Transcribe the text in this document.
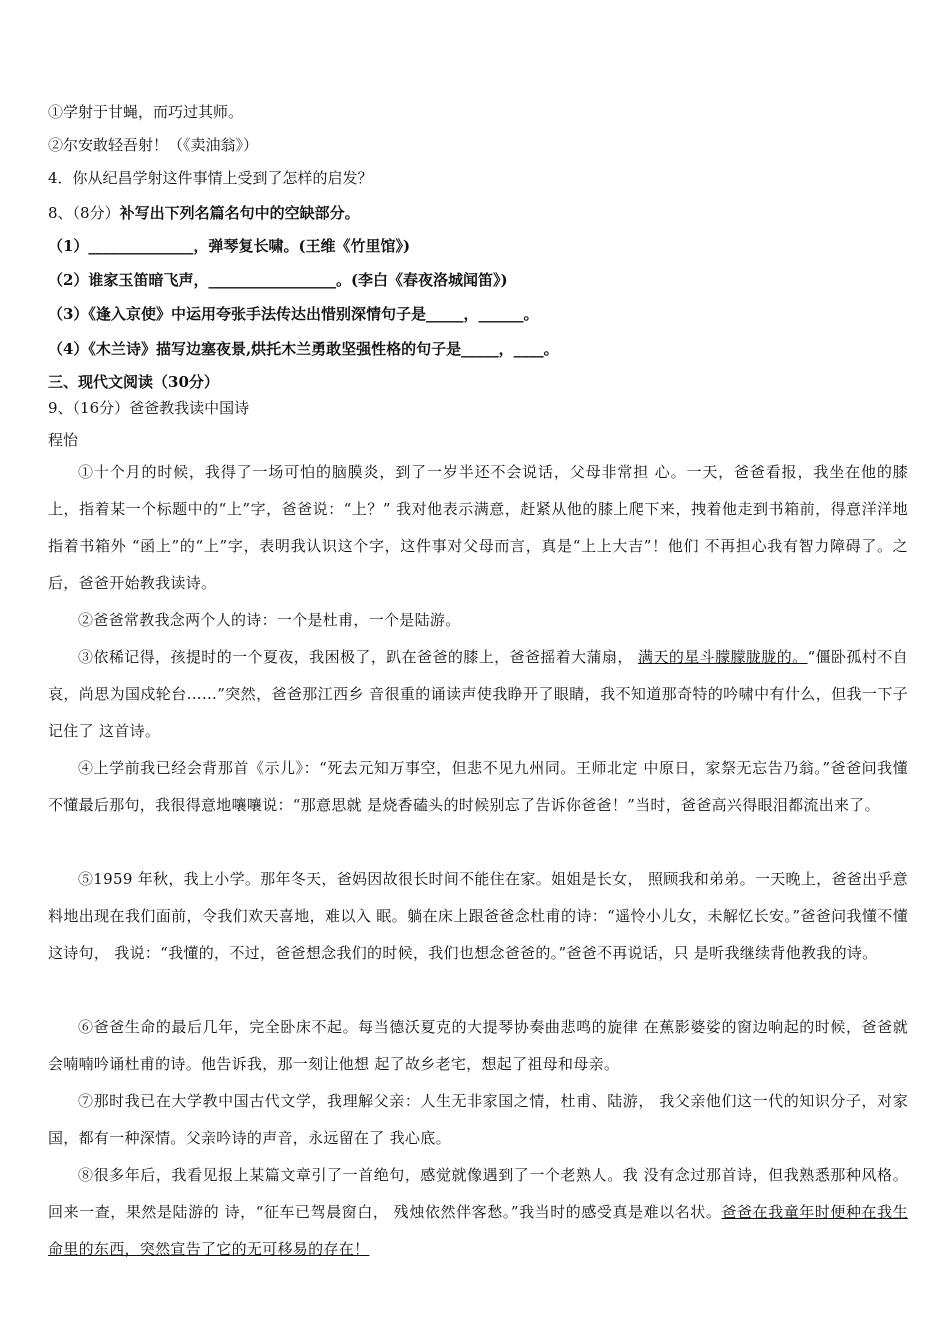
①学射于甘蝇，而巧过其师。
②尔安敢轻吾射！（《卖油翁》）
4．你从纪昌学射这件事情上受到了怎样的启发？
8、（8分）补写出下列名篇名句中的空缺部分。
（1）______________，弹琴复长啸。(王维《竹里馆》)
（2）谁家玉笛暗飞声，_________________。(李白《春夜洛城闻笛》)
（3）《逢入京使》中运用夸张手法传达出惜别深情句子是_____，______。
（4）《木兰诗》描写边塞夜景,烘托木兰勇敢坚强性格的句子是_____，____。
三、现代文阅读（30分）
9、（16分）爸爸教我读中国诗
程怡
①十个月的时候，我得了一场可怕的脑膜炎，到了一岁半还不会说话，父母非常担 心。一天，爸爸看报，我坐在他的膝上，指着某一个标题中的“上”字，爸爸说：“上？” 我对他表示满意，赶紧从他的膝上爬下来，拽着他走到书箱前，得意洋洋地指着书箱外 “函上”的“上”字，表明我认识这个字，这件事对父母而言，真是“上上大吉”！他们 不再担心我有智力障碍了。之后，爸爸开始教我读诗。
②爸爸常教我念两个人的诗：一个是杜甫，一个是陆游。
③依稀记得，孩提时的一个夏夜，我困极了，趴在爸爸的膝上，爸爸摇着大蒲扇， 满天的星斗朦朦胧胧的。“僵卧孤村不自哀，尚思为国戍轮台……”突然，爸爸那江西乡 音很重的诵读声使我睁开了眼睛，我不知道那奇特的吟啸中有什么，但我一下子记住了 这首诗。
④上学前我已经会背那首《示儿》：“死去元知万事空，但悲不见九州同。王师北定 中原日，家祭无忘告乃翁。”爸爸问我懂不懂最后那句，我很得意地嚷嚷说：“那意思就 是烧香磕头的时候别忘了告诉你爸爸！”当时，爸爸高兴得眼泪都流出来了。
⑤1959 年秋，我上小学。那年冬天，爸妈因故很长时间不能住在家。姐姐是长女， 照顾我和弟弟。一天晚上，爸爸出乎意料地出现在我们面前，令我们欢天喜地，难以入 眠。躺在床上跟爸爸念杜甫的诗：“遥怜小儿女，未解忆长安。”爸爸问我懂不懂这诗句， 我说：“我懂的，不过，爸爸想念我们的时候，我们也想念爸爸的。”爸爸不再说话，只 是听我继续背他教我的诗。
⑥爸爸生命的最后几年，完全卧床不起。每当德沃夏克的大提琴协奏曲悲鸣的旋律 在蕉影婆娑的窗边响起的时候，爸爸就会喃喃吟诵杜甫的诗。他告诉我，那一刻让他想 起了故乡老宅，想起了祖母和母亲。
⑦那时我已在大学教中国古代文学，我理解父亲：人生无非家国之情，杜甫、陆游， 我父亲他们这一代的知识分子，对家国，都有一种深情。父亲吟诗的声音，永远留在了 我心底。
⑧很多年后，我看见报上某篇文章引了一首绝句，感觉就像遇到了一个老熟人。我 没有念过那首诗，但我熟悉那种风格。回来一查，果然是陆游的 诗，“征车已驾晨窗白， 残烛依然伴客愁。”我当时的感受真是难以名状。爸爸在我童年时便种在我生命里的东西，突然宣告了它的无可移易的存在！
